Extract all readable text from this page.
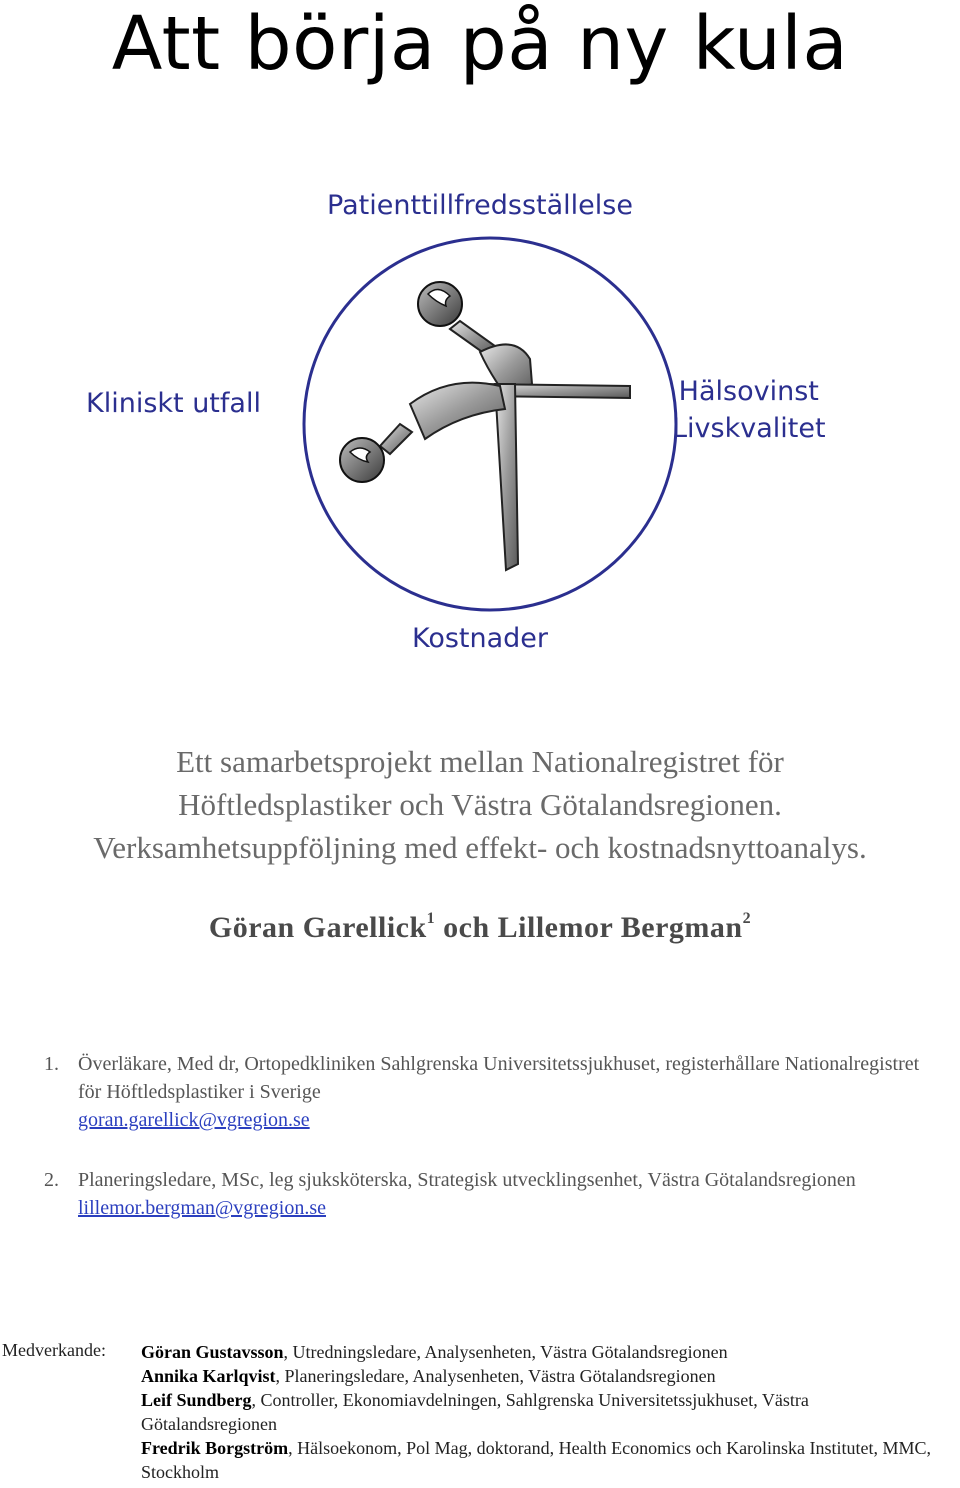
Att börja på ny kula
Patienttillfredsställelse
Kliniskt utfall	Hälsovinst
Livskvalitet
Kostnader
Ett samarbetsprojekt mellan Nationalregistret för
Höftledsplastiker och Västra Götalandsregionen.
Verksamhetsuppföljning med effekt- och kostnadsnyttoanalys.
Göran Garellick$^1$ och Lillemor Bergman$^2$
1. Överläkare, Med dr, Ortopedkliniken Sahlgrenska Universitetssjukhuset, registerhållare Nationalregistret för Höftledsplastiker i Sverige
goran.garellick@vgregion.se
2. Planeringsledare, MSc, leg sjuksköterska, Strategisk utvecklingsenhet, Västra Götalandsregionen
lillemor.bergman@vgregion.se
Medverkande: Göran Gustavsson, Utredningsledare, Analysenheten, Västra Götalandsregionen
Annika Karlqvist, Planeringsledare, Analysenheten, Västra Götalandsregionen
Leif Sundberg, Controller, Ekonomiavdelningen, Sahlgrenska Universitetssjukhuset, Västra Götalandsregionen
Fredrik Borgström, Hälsoekonom, Pol Mag, doktorand, Health Economics och Karolinska Institutet, MMC, Stockholm
